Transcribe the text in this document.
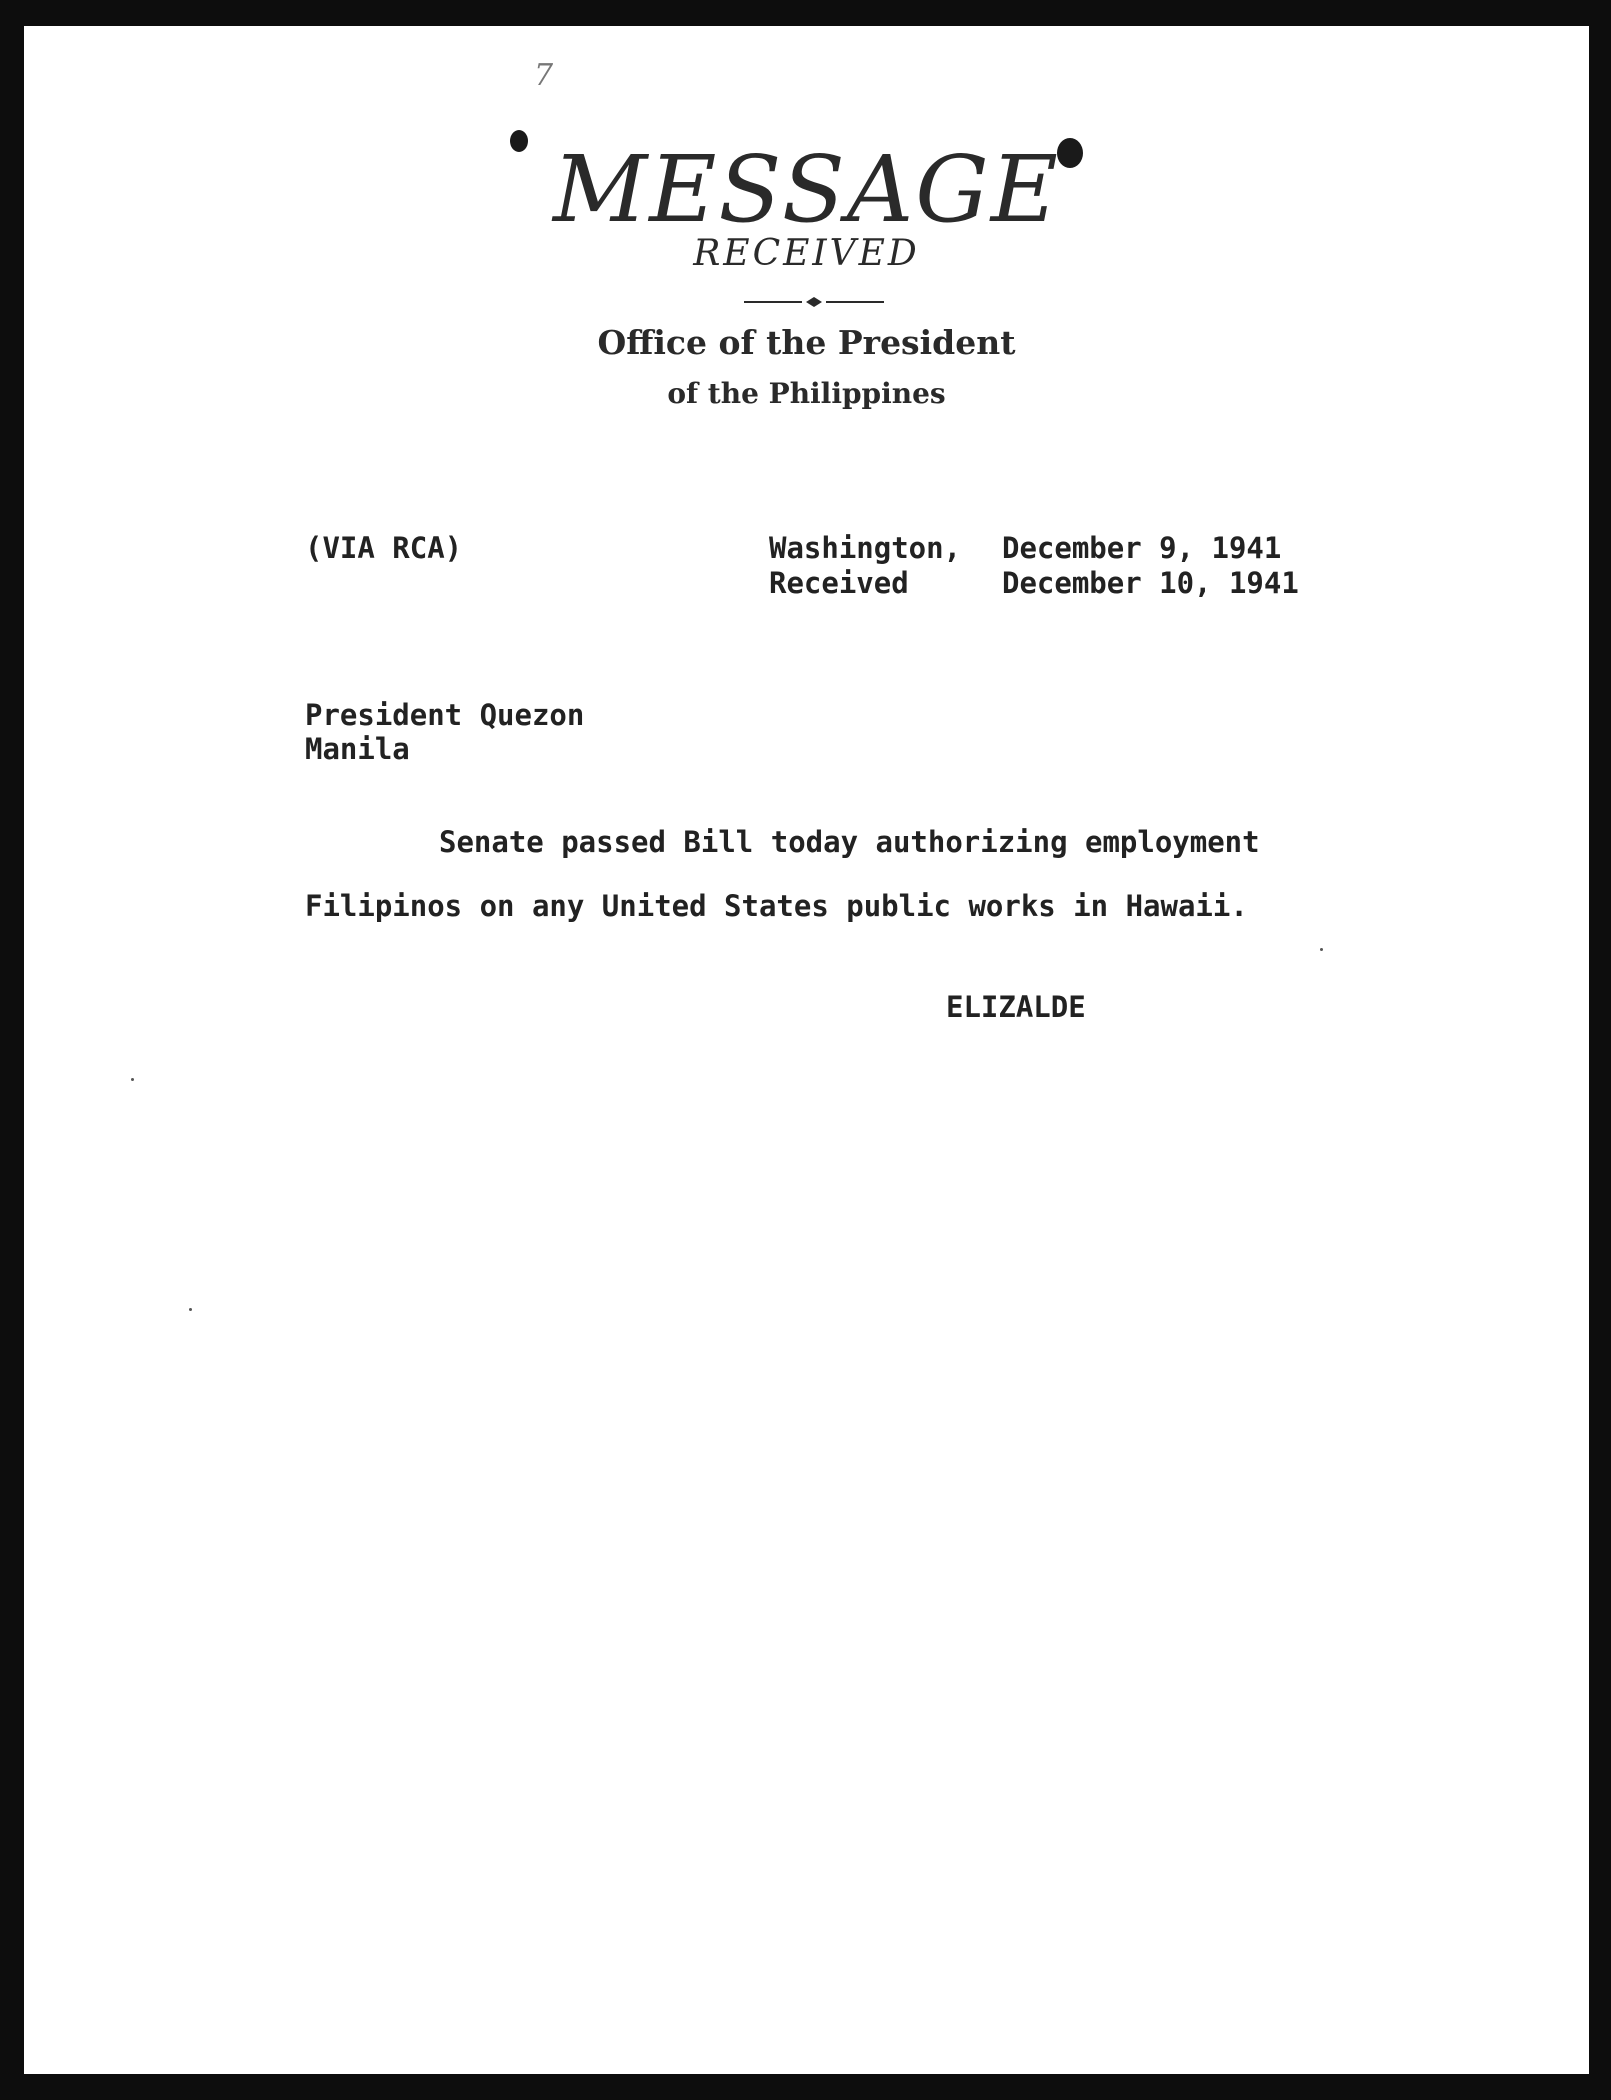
7
MESSAGE
RECEIVED
Office of the President
of the Philippines
(VIA RCA)	Washington, December 9, 1941
Received	December 10, 1941
President Quezon
Manila
Senate passed Bill today authorizing employment
Filipinos on any United States public works in Hawaii.
ELIZALDE
